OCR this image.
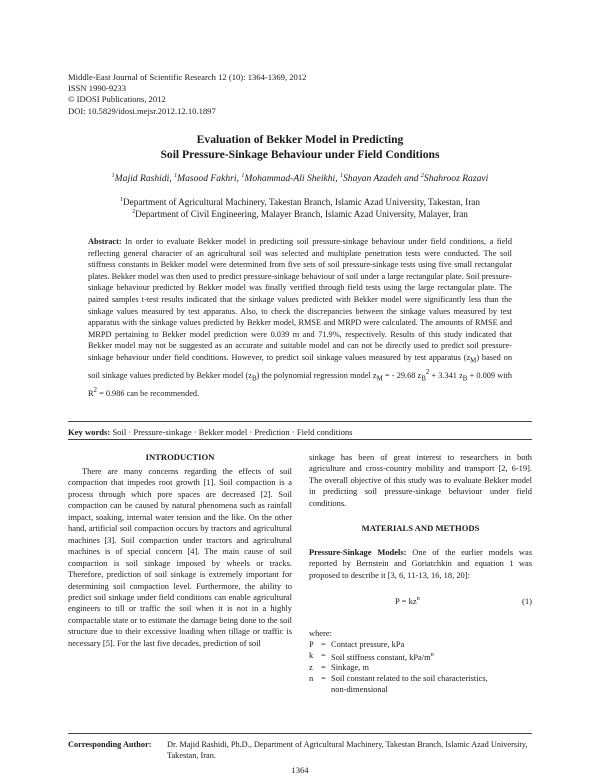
Middle-East Journal of Scientific Research 12 (10): 1364-1369, 2012
ISSN 1990-9233
© IDOSI Publications, 2012
DOI: 10.5829/idosi.mejsr.2012.12.10.1897
Evaluation of Bekker Model in Predicting
Soil Pressure-Sinkage Behaviour under Field Conditions
$^1$Majid Rashidi, $^1$Masood Fakhri, $^1$Mohammad-Ali Sheikhi, $^1$Shayan Azadeh and $^2$Shahrooz Razavi
$^1$Department of Agricultural Machinery, Takestan Branch, Islamic Azad University, Takestan, Iran
$^2$Department of Civil Engineering, Malayer Branch, Islamic Azad University, Malayer, Iran
Abstract: In order to evaluate Bekker model in predicting soil pressure-sinkage behaviour under field conditions, a field reflecting general character of an agricultural soil was selected and multiplate penetration tests were conducted. The soil stiffness constants in Bekker model were determined from five sets of soil pressure-sinkage tests using five small rectangular plates. Bekker model was then used to predict pressure-sinkage behaviour of soil under a large rectangular plate. Soil pressure-sinkage behaviour predicted by Bekker model was finally verified through field tests using the large rectangular plate. The paired samples t-test results indicated that the sinkage values predicted with Bekker model were significantly less than the sinkage values measured by test apparatus. Also, to check the discrepancies between the sinkage values measured by test apparatus with the sinkage values predicted by Bekker model, RMSE and MRPD were calculated. The amounts of RMSE and MRPD pertaining to Bekker model prediction were 0.039 m and 71.9%, respectively. Results of this study indicated that Bekker model may not be suggested as an accurate and suitable model and can not be directly used to predict soil pressure-sinkage behaviour under field conditions. However, to predict soil sinkage values measured by test apparatus $(z_M)$ based on soil sinkage values predicted by Bekker model $(z_B)$ the polynomial regression model $z_M$ = - 29.68 $z_B^2 + 3.341$ $z_B + 0.009$ with $R^2 = 0.986$ can be recommended.
Key words: Soil · Pressure-sinkage · Bekker model · Prediction · Field conditions
INTRODUCTION
There are many concerns regarding the effects of soil compaction that impedes root growth [1]. Soil compaction is a process through which pore spaces are decreased [2]. Soil compaction can be caused by natural phenomena such as rainfall impact, soaking, internal water tension and the like. On the other hand, artificial soil compaction occurs by tractors and agricultural machines [3]. Soil compaction under tractors and agricultural machines is of special concern [4]. The main cause of soil compaction is soil sinkage imposed by wheels or tracks. Therefore, prediction of soil sinkage is extremely important for determining soil compaction level. Furthermore, the ability to predict soil sinkage under field conditions can enable agricultural engineers to till or traffic the soil when it is not in a highly compactable state or to estimate the damage being done to the soil structure due to their excessive loading when tillage or traffic is necessary [5]. For the last five decades, prediction of soil
sinkage has been of great interest to researchers in both agriculture and cross-country mobility and transport [2, 6-19]. The overall objective of this study was to evaluate Bekker model in predicting soil pressure-sinkage behaviour under field conditions.
MATERIALS AND METHODS
Pressure-Sinkage Models: One of the earlier models was reported by Bernstein and Goriatchkin and equation 1 was proposed to describe it [3, 6, 11-13, 16, 18, 20]:
$P = kz^n$	(1)
where:
P = Contact pressure, kPa
k = Soil stiffness constant, kPa/$m^n$
z = Sinkage, m
n = Soil constant related to the soil characteristics,
non-dimensional
Corresponding Author: Dr. Majid Rashidi, Ph.D., Department of Agricultural Machinery, Takestan Branch, Islamic Azad University, Takestan, Iran.
1364
